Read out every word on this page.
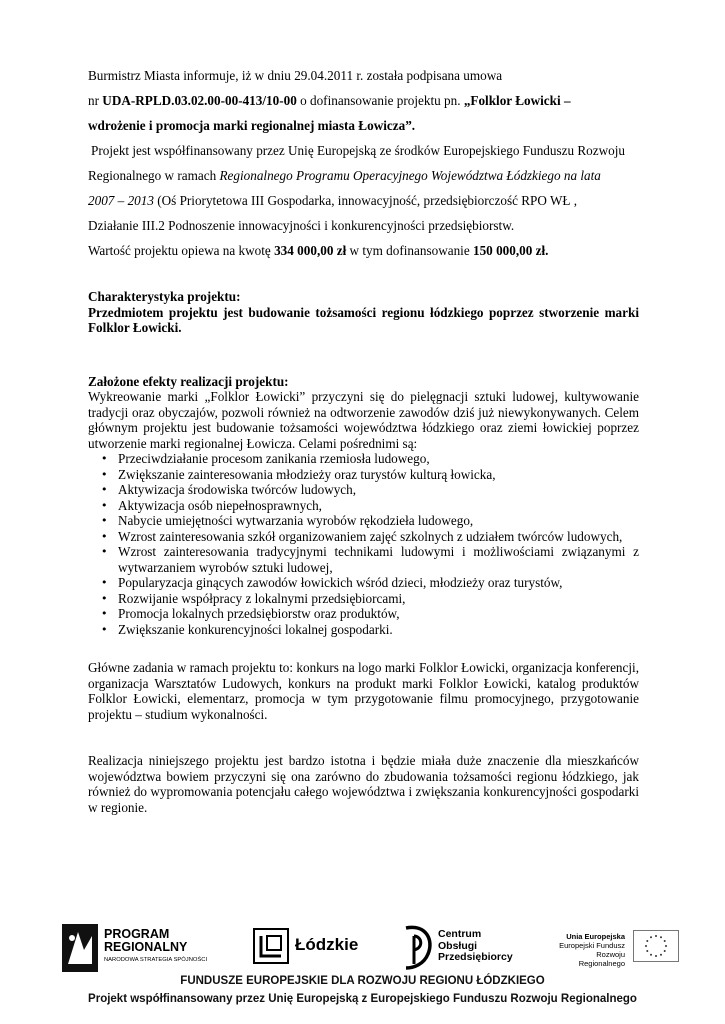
Burmistrz Miasta informuje, iż w dniu 29.04.2011 r. została podpisana umowa

nr UDA-RPLD.03.02.00-00-413/10-00 o dofinansowanie projektu pn. „Folklor Łowicki –

wdrożenie i promocja marki regionalnej miasta Łowicza”.

Projekt jest współfinansowany przez Unię Europejską ze środków Europejskiego Funduszu Rozwoju

Regionalnego w ramach Regionalnego Programu Operacyjnego Województwa Łódzkiego na lata

2007 – 2013 (Oś Priorytetowa III Gospodarka, innowacyjność, przedsiębiorczość RPO WŁ ,

Działanie III.2 Podnoszenie innowacyjności i konkurencyjności przedsiębiorstw.

Wartość projektu opiewa na kwotę 334 000,00 zł w tym dofinansowanie 150 000,00 zł.

Charakterystyka projektu:
Przedmiotem projektu jest budowanie tożsamości regionu łódzkiego poprzez stworzenie marki Folklor Łowicki.
Założone efekty realizacji projektu:
Wykreowanie marki „Folklor Łowicki” przyczyni się do pielęgnacji sztuki ludowej, kultywowanie tradycji oraz obyczajów, pozwoli również na odtworzenie zawodów dziś już niewykonywanych. Celem głównym projektu jest budowanie tożsamości województwa łódzkiego oraz ziemi łowickiej poprzez utworzenie marki regionalnej Łowicza. Celami pośrednimi są:
• Przeciwdziałanie procesom zanikania rzemiosła ludowego,
• Zwiększanie zainteresowania młodzieży oraz turystów kulturą łowicka,
• Aktywizacja środowiska twórców ludowych,
• Aktywizacja osób niepełnosprawnych,
• Nabycie umiejętności wytwarzania wyrobów rękodzieła ludowego,
• Wzrost zainteresowania szkół organizowaniem zajęć szkolnych z udziałem twórców ludowych,
• Wzrost zainteresowania tradycyjnymi technikami ludowymi i możliwościami związanymi z wytwarzaniem wyrobów sztuki ludowej,
• Popularyzacja ginących zawodów łowickich wśród dzieci, młodzieży oraz turystów,
• Rozwijanie współpracy z lokalnymi przedsiębiorcami,
• Promocja lokalnych przedsiębiorstw oraz produktów,
• Zwiększanie konkurencyjności lokalnej gospodarki.
Główne zadania w ramach projektu to: konkurs na logo marki Folklor Łowicki, organizacja konferencji, organizacja Warsztatów Ludowych, konkurs na produkt marki Folklor Łowicki, katalog produktów Folklor Łowicki, elementarz, promocja w tym przygotowanie filmu promocyjnego, przygotowanie projektu – studium wykonalności.
Realizacja niniejszego projektu jest bardzo istotna i będzie miała duże znaczenie dla mieszkańców województwa bowiem przyczyni się ona zarówno do zbudowania tożsamości regionu łódzkiego, jak również do wypromowania potencjału całego województwa i zwiększania konkurencyjności gospodarki w regionie.
PROGRAM
REGIONALNY
NARODOWA STRATEGIA SPÓJNOŚCI
Łódzkie
Centrum
Obsługi
Przedsiębiorcy
Unia Europejska
Europejski Fundusz
Rozwoju Regionalnego
FUNDUSZE EUROPEJSKIE DLA ROZWOJU REGIONU ŁÓDZKIEGO
Projekt współfinansowany przez Unię Europejską z Europejskiego Funduszu Rozwoju Regionalnego
